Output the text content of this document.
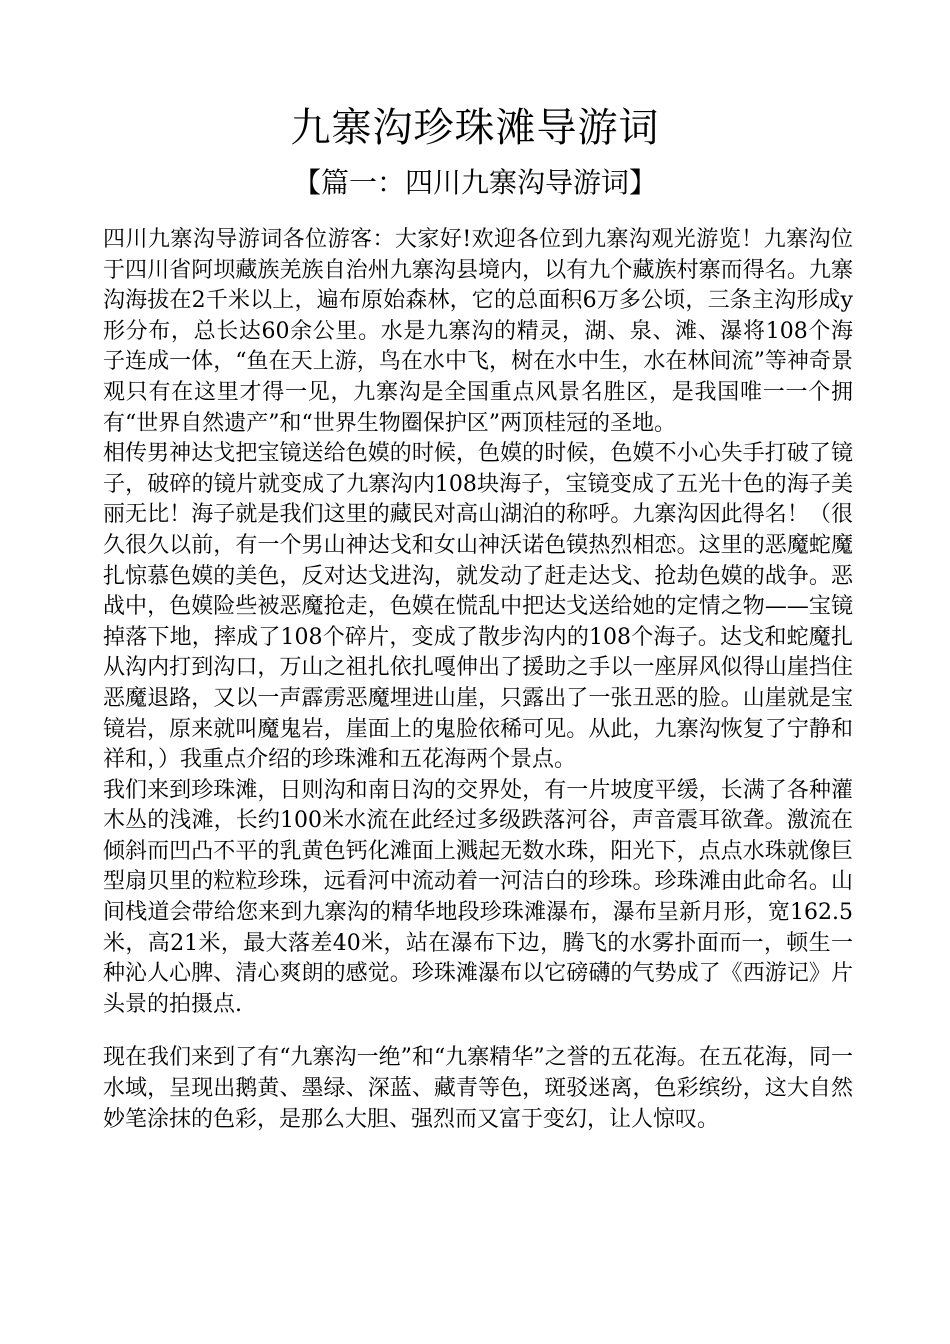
九寨沟珍珠滩导游词
【篇一：四川九寨沟导游词】

四川九寨沟导游词各位游客：大家好!欢迎各位到九寨沟观光游览！九寨沟位于四川省阿坝藏族羌族自治州九寨沟县境内，以有九个藏族村寨而得名。九寨沟海拔在2千米以上，遍布原始森林，它的总面积6万多公顷，三条主沟形成y形分布，总长达60余公里。水是九寨沟的精灵，湖、泉、滩、瀑将108个海子连成一体，“鱼在天上游，鸟在水中飞，树在水中生，水在林间流”等神奇景观只有在这里才得一见，九寨沟是全国重点风景名胜区，是我国唯一一个拥有“世界自然遗产”和“世界生物圈保护区”两顶桂冠的圣地。

相传男神达戈把宝镜送给色嫫的时候，色嫫的时候，色嫫不小心失手打破了镜子，破碎的镜片就变成了九寨沟内108块海子，宝镜变成了五光十色的海子美丽无比！海子就是我们这里的藏民对高山湖泊的称呼。九寨沟因此得名！（很久很久以前，有一个男山神达戈和女山神沃诺色镆热烈相恋。这里的恶魔蛇魔扎惊慕色嫫的美色，反对达戈进沟，就发动了赶走达戈、抢劫色嫫的战争。恶战中，色嫫险些被恶魔抢走，色嫫在慌乱中把达戈送给她的定情之物——宝镜掉落下地，摔成了108个碎片，变成了散步沟内的108个海子。达戈和蛇魔扎从沟内打到沟口，万山之祖扎依扎嘎伸出了援助之手以一座屏风似得山崖挡住恶魔退路，又以一声霹雳恶魔埋进山崖，只露出了一张丑恶的脸。山崖就是宝镜岩，原来就叫魔鬼岩，崖面上的鬼脸依稀可见。从此，九寨沟恢复了宁静和祥和，）我重点介绍的珍珠滩和五花海两个景点。

我们来到珍珠滩，日则沟和南日沟的交界处，有一片坡度平缓，长满了各种灌木丛的浅滩，长约100米水流在此经过多级跌落河谷，声音震耳欲聋。激流在倾斜而凹凸不平的乳黄色钙化滩面上溅起无数水珠，阳光下，点点水珠就像巨型扇贝里的粒粒珍珠，远看河中流动着一河洁白的珍珠。珍珠滩由此命名。山间栈道会带给您来到九寨沟的精华地段珍珠滩瀑布，瀑布呈新月形，宽162.5米，高21米，最大落差40米，站在瀑布下边，腾飞的水雾扑面而一，顿生一种沁人心脾、清心爽朗的感觉。珍珠滩瀑布以它磅礴的气势成了《西游记》片头景的拍摄点.

现在我们来到了有“九寨沟一绝”和“九寨精华”之誉的五花海。在五花海，同一水域，呈现出鹅黄、墨绿、深蓝、藏青等色，斑驳迷离，色彩缤纷，这大自然妙笔涂抹的色彩，是那么大胆、强烈而又富于变幻，让人惊叹。
